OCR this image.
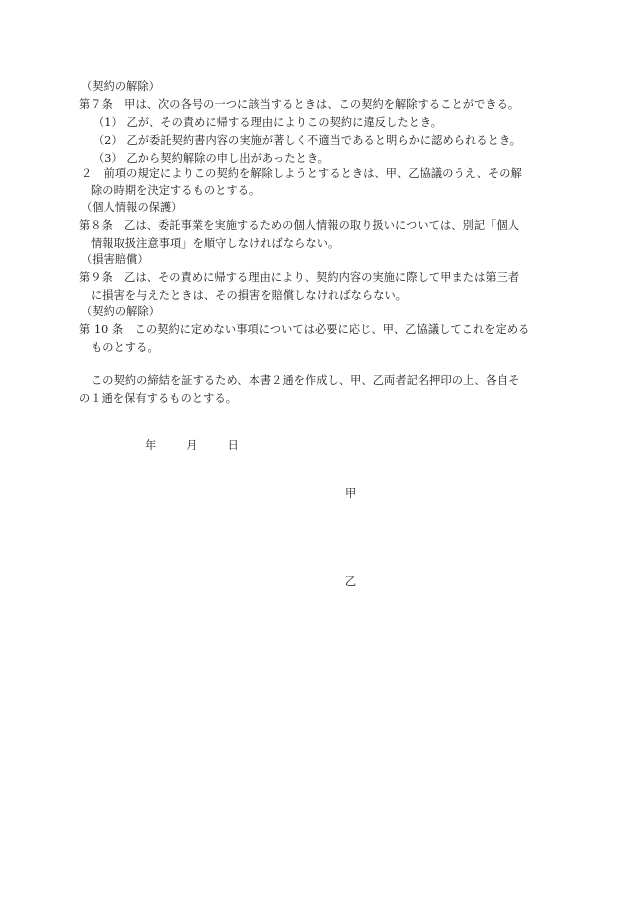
（契約の解除）
第７条　甲は、次の各号の一つに該当するときは、この契約を解除することができる。
（1） 乙が、その責めに帰する理由によりこの契約に違反したとき。
（2） 乙が委託契約書内容の実施が著しく不適当であると明らかに認められるとき。
（3） 乙から契約解除の申し出があったとき。
２　前項の規定によりこの契約を解除しようとするときは、甲、乙協議のうえ、その解
除の時期を決定するものとする。
（個人情報の保護）
第８条　乙は、委託事業を実施するための個人情報の取り扱いについては、別記「個人
情報取扱注意事項」を順守しなければならない。
（損害賠償）
第９条　乙は、その責めに帰する理由により、契約内容の実施に際して甲または第三者
に損害を与えたときは、その損害を賠償しなければならない。
（契約の解除）
第 10 条　この契約に定めない事項については必要に応じ、甲、乙協議してこれを定める
ものとする。
この契約の締結を証するため、本書２通を作成し、甲、乙両者記名押印の上、各自そ
の１通を保有するものとする。
年	月	日
甲
乙
